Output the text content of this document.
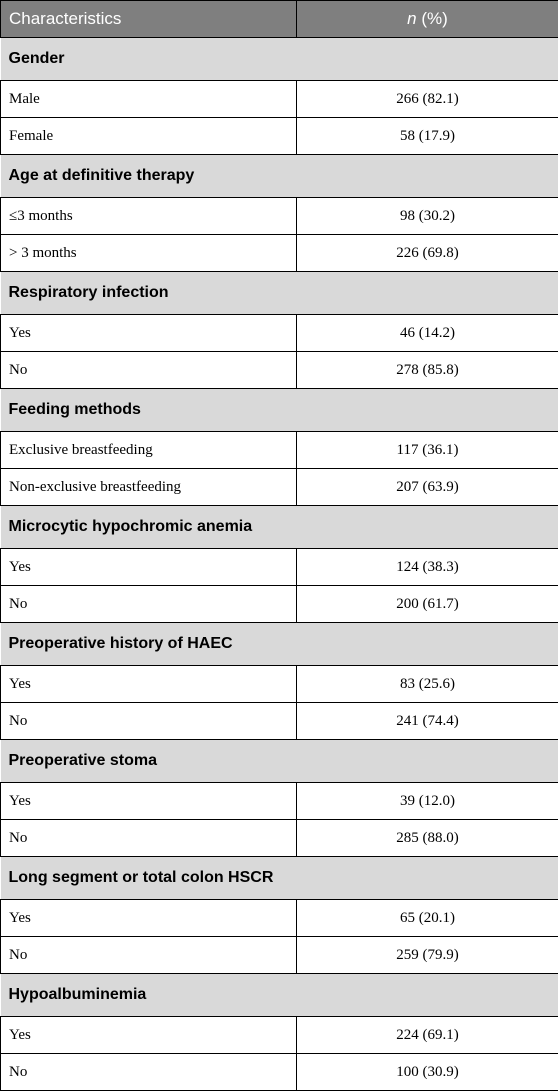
Characteristics	n (%)
Gender	
Male	266 (82.1)
Female	58 (17.9)
Age at definitive therapy	
≤3 months	98 (30.2)
> 3 months	226 (69.8)
Respiratory infection	
Yes	46 (14.2)
No	278 (85.8)
Feeding methods	
Exclusive breastfeeding	117 (36.1)
Non-exclusive breastfeeding	207 (63.9)
Microcytic hypochromic anemia	
Yes	124 (38.3)
No	200 (61.7)
Preoperative history of HAEC	
Yes	83 (25.6)
No	241 (74.4)
Preoperative stoma	
Yes	39 (12.0)
No	285 (88.0)
Long segment or total colon HSCR	
Yes	65 (20.1)
No	259 (79.9)
Hypoalbuminemia	
Yes	224 (69.1)
No	100 (30.9)
